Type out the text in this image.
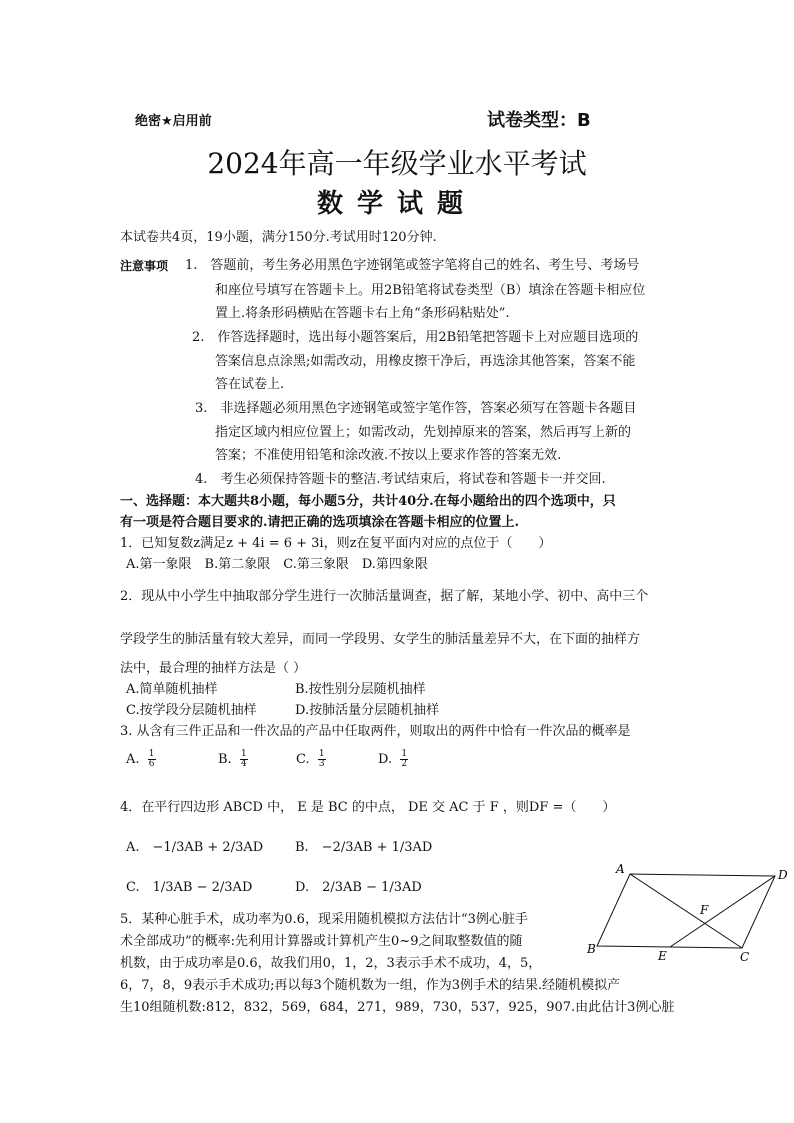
绝密★启用前	试卷类型：B
2024年高一年级学业水平考试
数学试题
本试卷共4页，19小题，满分150分.考试用时120分钟.
注意事项 1.　答题前，考生务必用黑色字迹钢笔或签字笔将自己的姓名、考生号、考场号
和座位号填写在答题卡上。用2B铅笔将试卷类型（B）填涂在答题卡相应位
置上.将条形码横贴在答题卡右上角“条形码粘贴处”.
2.　作答选择题时，选出每小题答案后，用2B铅笔把答题卡上对应题目选项的
答案信息点涂黑;如需改动，用橡皮擦干净后，再选涂其他答案，答案不能
答在试卷上.
3.　非选择题必须用黑色字迹钢笔或签字笔作答，答案必须写在答题卡各题目
指定区域内相应位置上；如需改动，先划掉原来的答案，然后再写上新的
答案；不准使用铅笔和涂改液.不按以上要求作答的答案无效.
4.　考生必须保持答题卡的整洁.考试结束后，将试卷和答题卡一并交回.
一、选择题：本大题共8小题，每小题5分，共计40分.在每小题给出的四个选项中，只
有一项是符合题目要求的.请把正确的选项填涂在答题卡相应的位置上.
1．已知复数z满足z + 4i = 6 + 3i，则z在复平面内对应的点位于（　　）
A.第一象限　B.第二象限　C.第三象限　D.第四象限
2．现从中小学生中抽取部分学生进行一次肺活量调查，据了解，某地小学、初中、高中三个
学段学生的肺活量有较大差异，而同一学段男、女学生的肺活量差异不大，在下面的抽样方
法中，最合理的抽样方法是（ ）
A.简单随机抽样	B.按性别分层随机抽样
C.按学段分层随机抽样	D.按肺活量分层随机抽样
3. 从含有三件正品和一件次品的产品中任取两件，则取出的两件中恰有一件次品的概率是
A. $\frac{1}{6}$	B. $\frac{1}{4}$	C. $\frac{1}{3}$	D. $\frac{1}{2}$
4．在平行四边形 ABCD 中， E 是 BC 的中点， DE 交 AC 于 F ，则DF =（　　）
A.　−1/3AB + 2/3AD B.　−2/3AB + 1/3AD
C.　1/3AB − 2/3AD	D.　2/3AB − 1/3AD
5．某种心脏手术，成功率为0.6，现采用随机模拟方法估计“3例心脏手
术全部成功”的概率:先利用计算器或计算机产生0~9之间取整数值的随
机数，由于成功率是0.6，故我们用0，1，2，3表示手术不成功，4，5，
6，7，8，9表示手术成功;再以每3个随机数为一组，作为3例手术的结果.经随机模拟产
生10组随机数:812，832，569，684，271，989，730，537，925，907.由此估计3例心脏
A	D
B
C
E
F
